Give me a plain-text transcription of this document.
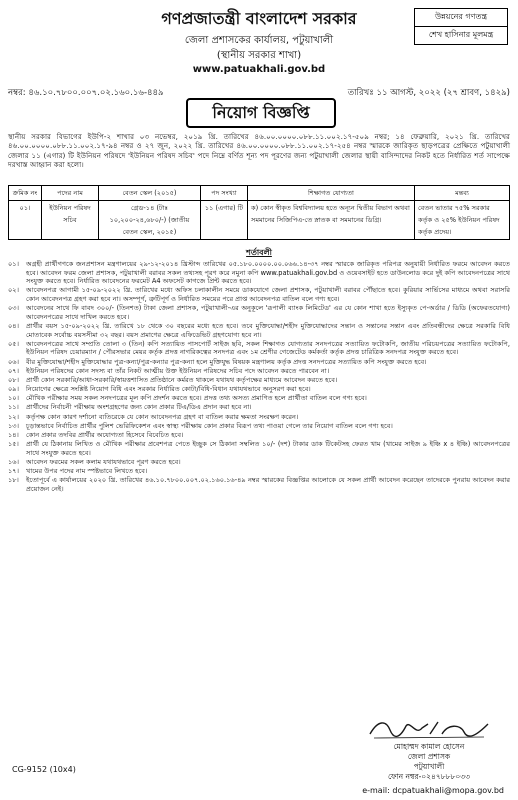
গণপ্রজাতন্ত্রী বাংলাদেশ সরকার
জেলা প্রশাসকের কার্যালয়, পটুয়াখালী
(স্থানীয় সরকার শাখা)
www.patuakhali.gov.bd
উন্নয়নের গণতন্ত্র
শেখ হাসিনার মূলমন্ত্র
নম্বর: ৪৬.১০.৭৮০০.০০৭.০২.১৬০.১৬-৪৪৯	তারিখঃ ১১ আগস্ট, ২০২২ (২৭ শ্রাবণ, ১৪২৯)
নিয়োগ বিজ্ঞপ্তি
স্থানীয় সরকার বিভাগের ইউপি-২ শাখার ০৩ নভেম্বর, ২০১৯ খ্রি. তারিখের ৪৬.০০.০০০০.০৮৮.১১.০০২.১৭-৫০৯ নম্বর; ১৪ ফেব্রুয়ারি, ২০২১ খ্রি. তারিখের ৪৬.০০.০০০০.০৮৮.১১.০০২.১৭-৯৪ নম্বর ও ২৭ জুন, ২০২২ খ্রি. তারিখের ৪৬.০০.০০০০.০৮৮.১১.০০২.১৭-২৫৪ নম্বর স্মারকে জারিকৃত ছাড়পত্রের প্রেক্ষিতে পটুয়াখালী জেলার ১১ (এগার) টি ইউনিয়ন পরিষদে 'ইউনিয়ন পরিষদ সচিব' পদে নিম্নে বর্ণিত শূন্য পদ পূরণের জন্য পটুয়াখালী জেলার স্থায়ী বাসিন্দাদের নিকট হতে নির্ধারিত শর্ত সাপেক্ষে দরখাস্ত আহ্বান করা হলো।
ক্রমিক নং	পদের নাম	বেতন স্কেল (২০১৫)	পদ সংখ্যা	শিক্ষাগত যোগ্যতা	মন্তব্য
০১।	ইউনিয়ন পরিষদ সচিব	গ্রেড-১৪ (টাঃ ১০,২০০-২৪,৬৮০/-) (জাতীয় বেতন স্কেল, ২০১৫)	১১ (এগার) টি	ক) কোন স্বীকৃত বিশ্ববিদ্যালয় হতে অন্যূন দ্বিতীয় বিভাগ অথবা সমমানের সিজিপিএ-তে স্নাতক বা সমমানের ডিগ্রি।	বেতন ভাতার ৭৫% সরকার কর্তৃক ও ২৫% ইউনিয়ন পরিষদ কর্তৃক প্রদেয়।
শর্তাবলী
০১।	অগ্রহী প্রার্থীগণকে জনপ্রশাসন মন্ত্রণালয়ের ২৯-১২-২০১৪ খ্রিস্টাব্দ তারিখের ০৫.১৮০.০০০০.০০.০৬৬.১৪-৩৭ নম্বর স্মারকে জারিকৃত পরিপত্র অনুযায়ী নির্ধারিত ফরমে আবেদন করতে হবে। আবেদন ফরম জেলা প্রশাসক, পটুয়াখালী বরাবর সকল তথ্যসহ পূরণ করে নমুনা কপি www.patuakhali.gov.bd ও ওয়েবসাইট হতে ডাউনলোড করে দুই কপি আবেদনপত্রের সাথে সংযুক্ত করতে হবে। নির্ধারিত আবেদনের ফরমেট A4 অফসেট কাগজে প্রিন্ট করতে হবে।
০২।	আবেদনপত্র আগামী ১৫-০৯-২০২২ খ্রি. তারিখের মধ্যে অফিস চলাকালীন সময়ে ডাকযোগে জেলা প্রশাসক, পটুয়াখালী বরাবর পৌঁছাতে হবে। কুরিয়ার সার্ভিসের মাধ্যমে অথবা সরাসরি কোন আবেদনপত্র গ্রহণ করা হবে না। অসম্পূর্ণ, ত্রুটিপূর্ণ ও নির্ধারিত সময়ের পরে প্রাপ্ত আবেদনপত্র বাতিল বলে গণ্য হবে।
০৩।	আবেদনের সাথে ফি বাবদ ৩০০/- (তিনশত) টাকা জেলা প্রশাসক, পটুয়াখালী-এর অনুকূলে 'রূপালী ব্যাংক লিমিটেড' এর যে কোন শাখা হতে ইস্যুকৃত পে-অর্ডার / ডিডি (অফেরতযোগ্য) আবেদনপত্রের সাথে দাখিল করতে হবে।
০৪।	প্রার্থীর বয়স ১৫-০৯-২০২২ খ্রি. তারিখে ১৮ থেকে ৩০ বছরের মধ্যে হতে হবে। তবে মুক্তিযোদ্ধা/শহীদ মুক্তিযোদ্ধাদের সন্তান ও সন্তানের সন্তান এবং প্রতিবন্ধীদের ক্ষেত্রে সরকারি বিধি মোতাবেক সর্বোচ্চ বয়সসীমা ৩২ বছর। বয়স প্রমাণের ক্ষেত্রে এফিডেভিট গ্রহণযোগ্য হবে না।
০৫।	আবেদনপত্রের সাথে সম্প্রতি তোলা ৩ (তিন) কপি সত্যায়িত পাসপোর্ট সাইজ ছবি, সকল শিক্ষাগত যোগ্যতার সনদপত্রের সত্যায়িত ফটোকপি, জাতীয় পরিচয়পত্রের সত্যায়িত ফটোকপি, ইউনিয়ন পরিষদ চেয়ারম্যান / পৌরসভার মেয়র কর্তৃক প্রদত্ত নাগরিকত্বের সনদপত্র এবং ১ম শ্রেণীর গেজেটেড কর্মকর্তা কর্তৃক প্রদত্ত চারিত্রিক সনদপত্র সংযুক্ত করতে হবে।
০৬।	বীর মুক্তিযোদ্ধা/শহীদ মুক্তিযোদ্ধার পুত্র-কন্যা/পুত্র-কন্যার পুত্র-কন্যা হলে মুক্তিযুদ্ধ বিষয়ক মন্ত্রণালয় কর্তৃক প্রদত্ত সনদপত্রের সত্যায়িত কপি সংযুক্ত করতে হবে।
০৭।	ইউনিয়ন পরিষদের কোন সদস্য বা তাঁর নিকট আত্মীয় উক্ত ইউনিয়ন পরিষদের সচিব পদে আবেদন করতে পারবেন না।
০৮।	প্রার্থী কোন সরকারি/আধা-সরকারি/স্বায়ত্তশাসিত প্রতিষ্ঠানে কর্মরত থাকলে যথাযথ কর্তৃপক্ষের মাধ্যমে আবেদন করতে হবে।
০৯।	নিয়োগের ক্ষেত্রে সংশ্লিষ্ট নিয়োগ বিধি এবং সরকার নির্ধারিত কোটা/বিধি-বিধান যথাযথভাবে অনুসরণ করা হবে।
১০।	মৌখিক পরীক্ষার সময় সকল সনদপত্রের মূল কপি প্রদর্শন করতে হবে। প্রদত্ত তথ্য অসত্য প্রমাণিত হলে প্রার্থীতা বাতিল বলে গণ্য হবে।
১১।	প্রার্থীদের নির্বাচনী পরীক্ষায় অংশগ্রহণের জন্য কোন প্রকার টিএ/ডিএ প্রদান করা হবে না।
১২।	কর্তৃপক্ষ কোন কারণ দর্শানো ব্যতিরেকে যে কোন আবেদনপত্র গ্রহণ বা বাতিল করার ক্ষমতা সংরক্ষণ করেন।
১৩।	চূড়ান্তভাবে নির্বাচিত প্রার্থীর পুলিশ ভেরিফিকেশন এবং স্বাস্থ্য পরীক্ষায় কোন প্রকার বিরূপ তথ্য পাওয়া গেলে তার নিয়োগ বাতিল বলে গণ্য হবে।
১৪।	কোন প্রকার তদবির প্রার্থীর অযোগ্যতা হিসেবে বিবেচিত হবে।
১৫।	প্রার্থী যে ঠিকানায় লিখিত ও মৌখিক পরীক্ষার প্রবেশপত্র পেতে ইচ্ছুক সে ঠিকানা সম্বলিত ১০/- (দশ) টাকার ডাক টিকেটসহ ফেরত খাম (খামের সাইজ ৯ ইঞ্চি x ৪ ইঞ্চি) আবেদনপত্রের সাথে সংযুক্ত করতে হবে।
১৬।	আবেদন ফরমের সকল কলাম যথাযথভাবে পূরণ করতে হবে।
১৭।	খামের উপর পদের নাম স্পষ্টভাবে লিখতে হবে।
১৮।	ইতোপূর্বে এ কার্যালয়ের ২০২০ খ্রি. তারিখের ৪৬.১০.৭৮০০.০০৭.০২.১৬০.১৬-৪৯ নম্বর স্মারকের বিজ্ঞপ্তির আলোকে যে সকল প্রার্থী আবেদন করেছেন তাদেরকে পুনরায় আবেদন করার প্রয়োজন নেই।
মোহাম্মদ কামাল হোসেন
জেলা প্রশাসক
পটুয়াখালী
ফোন নম্বর-০২৪৭৮৮৮০৩৩
e-mail: dcpatuakhali@mopa.gov.bd
CG-9152 (10x4)
